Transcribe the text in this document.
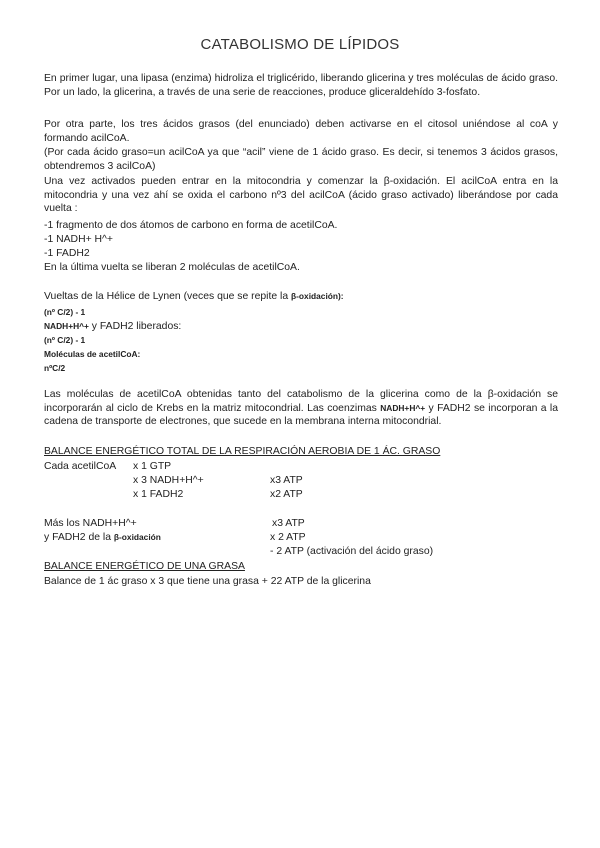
CATABOLISMO DE LÍPIDOS

En primer lugar, una lipasa (enzima) hidroliza el triglicérido, liberando glicerina y tres moléculas de ácido graso. Por un lado, la glicerina, a través de una serie de reacciones, produce gliceraldehído 3-fosfato.

Por otra parte, los tres ácidos grasos (del enunciado) deben activarse en el citosol uniéndose al coA y formando acilCoA.

(Por cada ácido graso=un acilCoA ya que “acil” viene de 1 ácido graso. Es decir, si tenemos 3 ácidos grasos, obtendremos 3 acilCoA)

Una vez activados pueden entrar en la mitocondria y comenzar la β-oxidación. El acilCoA entra en la mitocondria y una vez ahí se oxida el carbono nº3 del acilCoA (ácido graso activado) liberándose por cada vuelta :

-1 fragmento de dos átomos de carbono en forma de acetilCoA.

-1 NADH+ H^+

-1 FADH2

En la última vuelta se liberan 2 moléculas de acetilCoA.

Vueltas de la Hélice de Lynen (veces que se repite la β-oxidación):

(nº C/2) - 1

NADH+H^+ y FADH2 liberados:

(nº C/2) - 1

Moléculas de acetilCoA:

nºC/2

Las moléculas de acetilCoA obtenidas tanto del catabolismo de la glicerina como de la β-oxidación se incorporarán al ciclo de Krebs en la matriz mitocondrial. Las coenzimas NADH+H^+ y FADH2 se incorporan a la cadena de transporte de electrones, que sucede en la membrana interna mitocondrial.

BALANCE ENERGÉTICO TOTAL DE LA RESPIRACIÓN AEROBIA DE 1 ÁC. GRASO

Cada acetilCoA x 1 GTP

x 3 NADH+H^+	x3 ATP

x 1 FADH2	x2 ATP

Más los NADH+H^+	x3 ATP

y FADH2 de la β-oxidación	x 2 ATP

- 2 ATP (activación del ácido graso)

BALANCE ENERGÉTICO DE UNA GRASA

Balance de 1 ác graso x 3 que tiene una grasa + 22 ATP de la glicerina
